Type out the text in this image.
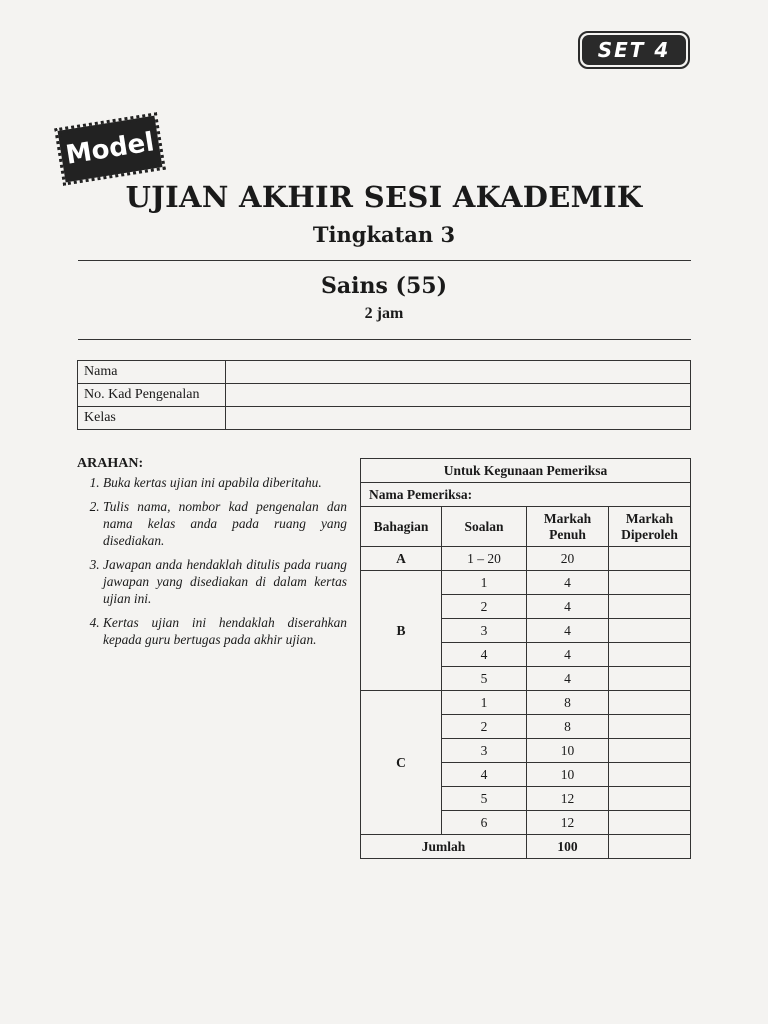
SET 4
Model
UJIAN AKHIR SESI AKADEMIK
Tingkatan 3
Sains (55)
2 jam
Nama	
No. Kad Pengenalan	
Kelas	
ARAHAN:
1. Buka kertas ujian ini apabila diberitahu.
2. Tulis nama, nombor kad pengenalan dan nama kelas anda pada ruang yang disediakan.
3. Jawapan anda hendaklah ditulis pada ruang jawapan yang disediakan di dalam kertas ujian ini.
4. Kertas ujian ini hendaklah diserahkan kepada guru bertugas pada akhir ujian.
Untuk Kegunaan Pemeriksa			
Nama Pemeriksa:			
Bahagian	Soalan	Markah Penuh	Markah Diperoleh
A	1 – 20	20	
B	1	4	
	2	4	
	3	4	
	4	4	
	5	4	
C	1	8	
	2	8	
	3	10	
	4	10	
	5	12	
	6	12	
Jumlah		100	
